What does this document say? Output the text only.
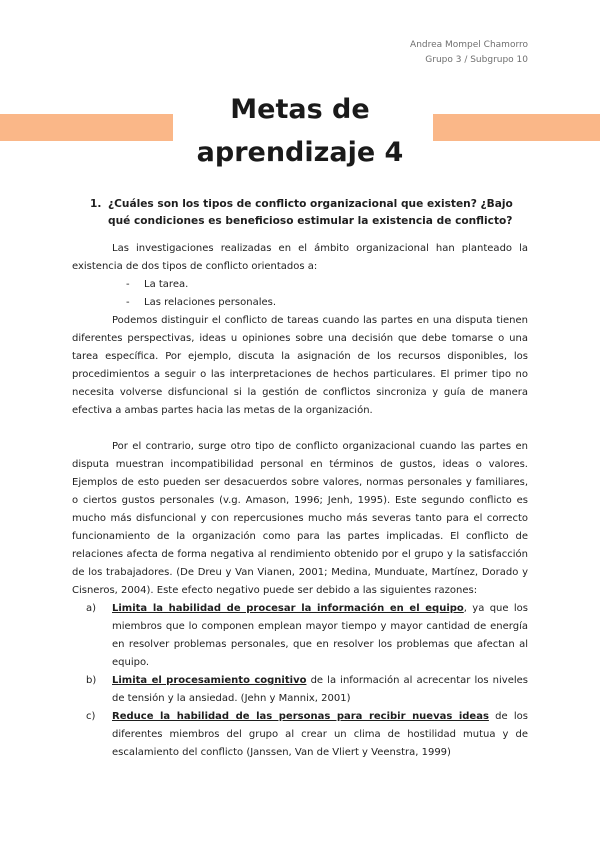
Andrea Mompel Chamorro
Grupo 3 / Subgrupo 10
Metas de
aprendizaje 4
1. ¿Cuáles son los tipos de conflicto organizacional que existen? ¿Bajo qué condiciones es beneficioso estimular la existencia de conflicto?

Las investigaciones realizadas en el ámbito organizacional han planteado la existencia de dos tipos de conflicto orientados a:

-	La tarea.
-	Las relaciones personales.

Podemos distinguir el conflicto de tareas cuando las partes en una disputa tienen diferentes perspectivas, ideas u opiniones sobre una decisión que debe tomarse o una tarea específica. Por ejemplo, discuta la asignación de los recursos disponibles, los procedimientos a seguir o las interpretaciones de hechos particulares. El primer tipo no necesita volverse disfuncional si la gestión de conflictos sincroniza y guía de manera efectiva a ambas partes hacia las metas de la organización.

Por el contrario, surge otro tipo de conflicto organizacional cuando las partes en disputa muestran incompatibilidad personal en términos de gustos, ideas o valores. Ejemplos de esto pueden ser desacuerdos sobre valores, normas personales y familiares, o ciertos gustos personales (v.g. Amason, 1996; Jenh, 1995). Este segundo conflicto es mucho más disfuncional y con repercusiones mucho más severas tanto para el correcto funcionamiento de la organización como para las partes implicadas. El conflicto de relaciones afecta de forma negativa al rendimiento obtenido por el grupo y la satisfacción de los trabajadores. (De Dreu y Van Vianen, 2001; Medina, Munduate, Martínez, Dorado y Cisneros, 2004). Este efecto negativo puede ser debido a las siguientes razones:

a)	Limita la habilidad de procesar la información en el equipo, ya que los miembros que lo componen emplean mayor tiempo y mayor cantidad de energía en resolver problemas personales, que en resolver los problemas que afectan al equipo.
b)	Limita el procesamiento cognitivo de la información al acrecentar los niveles de tensión y la ansiedad. (Jehn y Mannix, 2001)
c)	Reduce la habilidad de las personas para recibir nuevas ideas de los diferentes miembros del grupo al crear un clima de hostilidad mutua y de escalamiento del conflicto (Janssen, Van de Vliert y Veenstra, 1999)
